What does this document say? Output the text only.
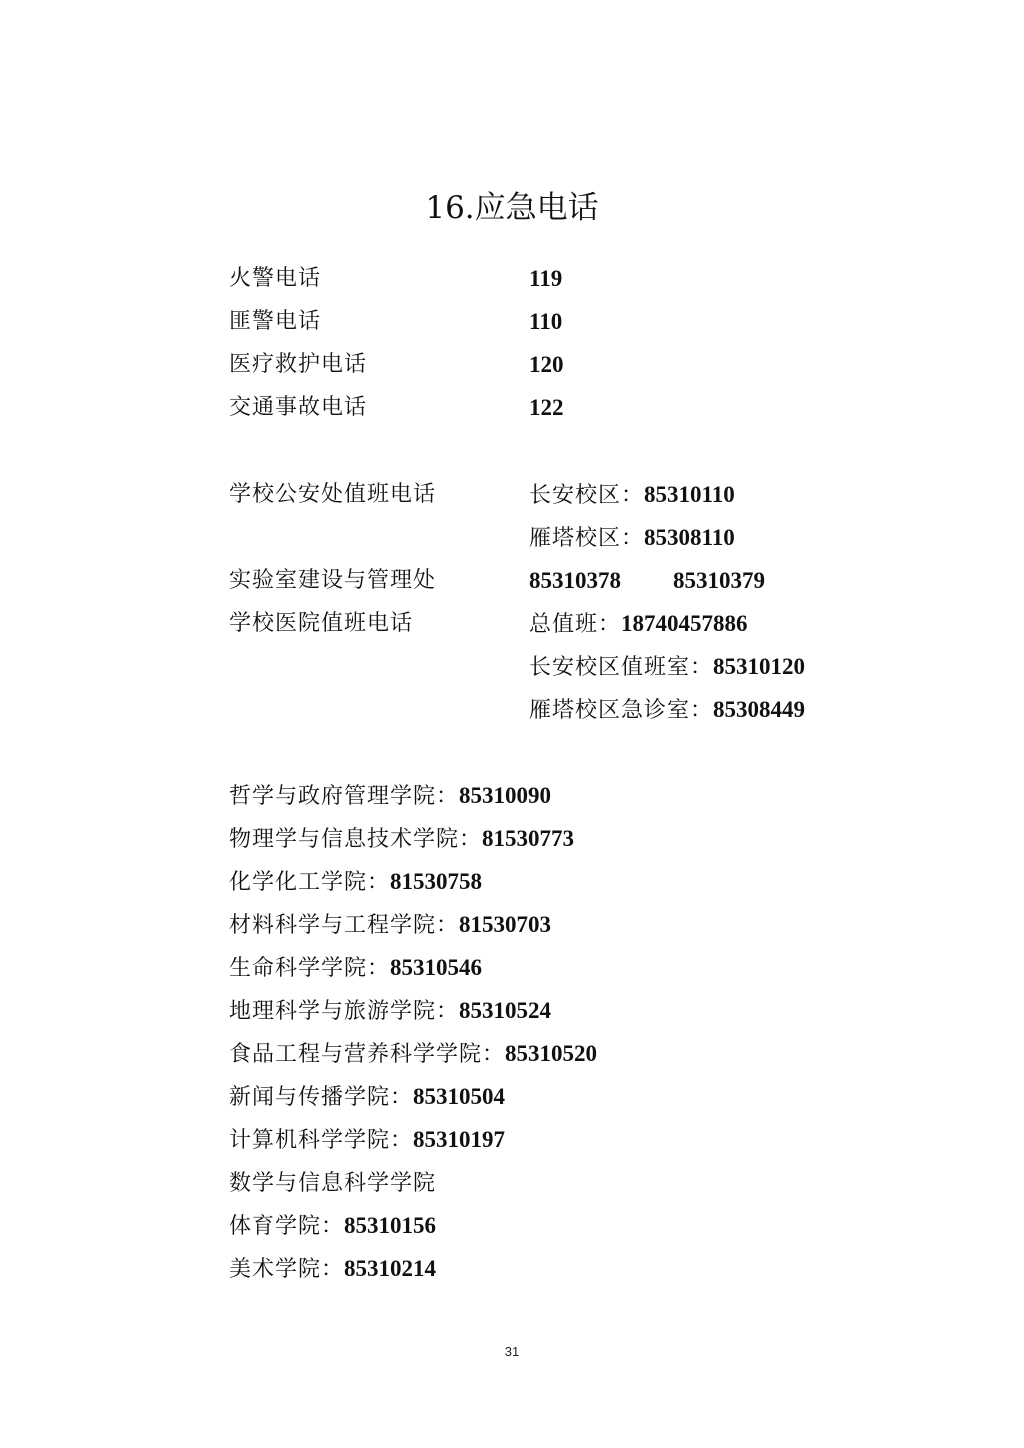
16.应急电话
火警电话	119
匪警电话	110
医疗救护电话	120
交通事故电话	122
学校公安处值班电话	长安校区：85310110
雁塔校区：85308110
实验室建设与管理处	85310378 85310379
学校医院值班电话	总值班：18740457886
长安校区值班室：85310120
雁塔校区急诊室：85308449
哲学与政府管理学院：85310090
物理学与信息技术学院：81530773
化学化工学院：81530758
材料科学与工程学院：81530703
生命科学学院：85310546
地理科学与旅游学院：85310524
食品工程与营养科学学院：85310520
新闻与传播学院：85310504
计算机科学学院：85310197
数学与信息科学学院
体育学院：85310156
美术学院：85310214
31
